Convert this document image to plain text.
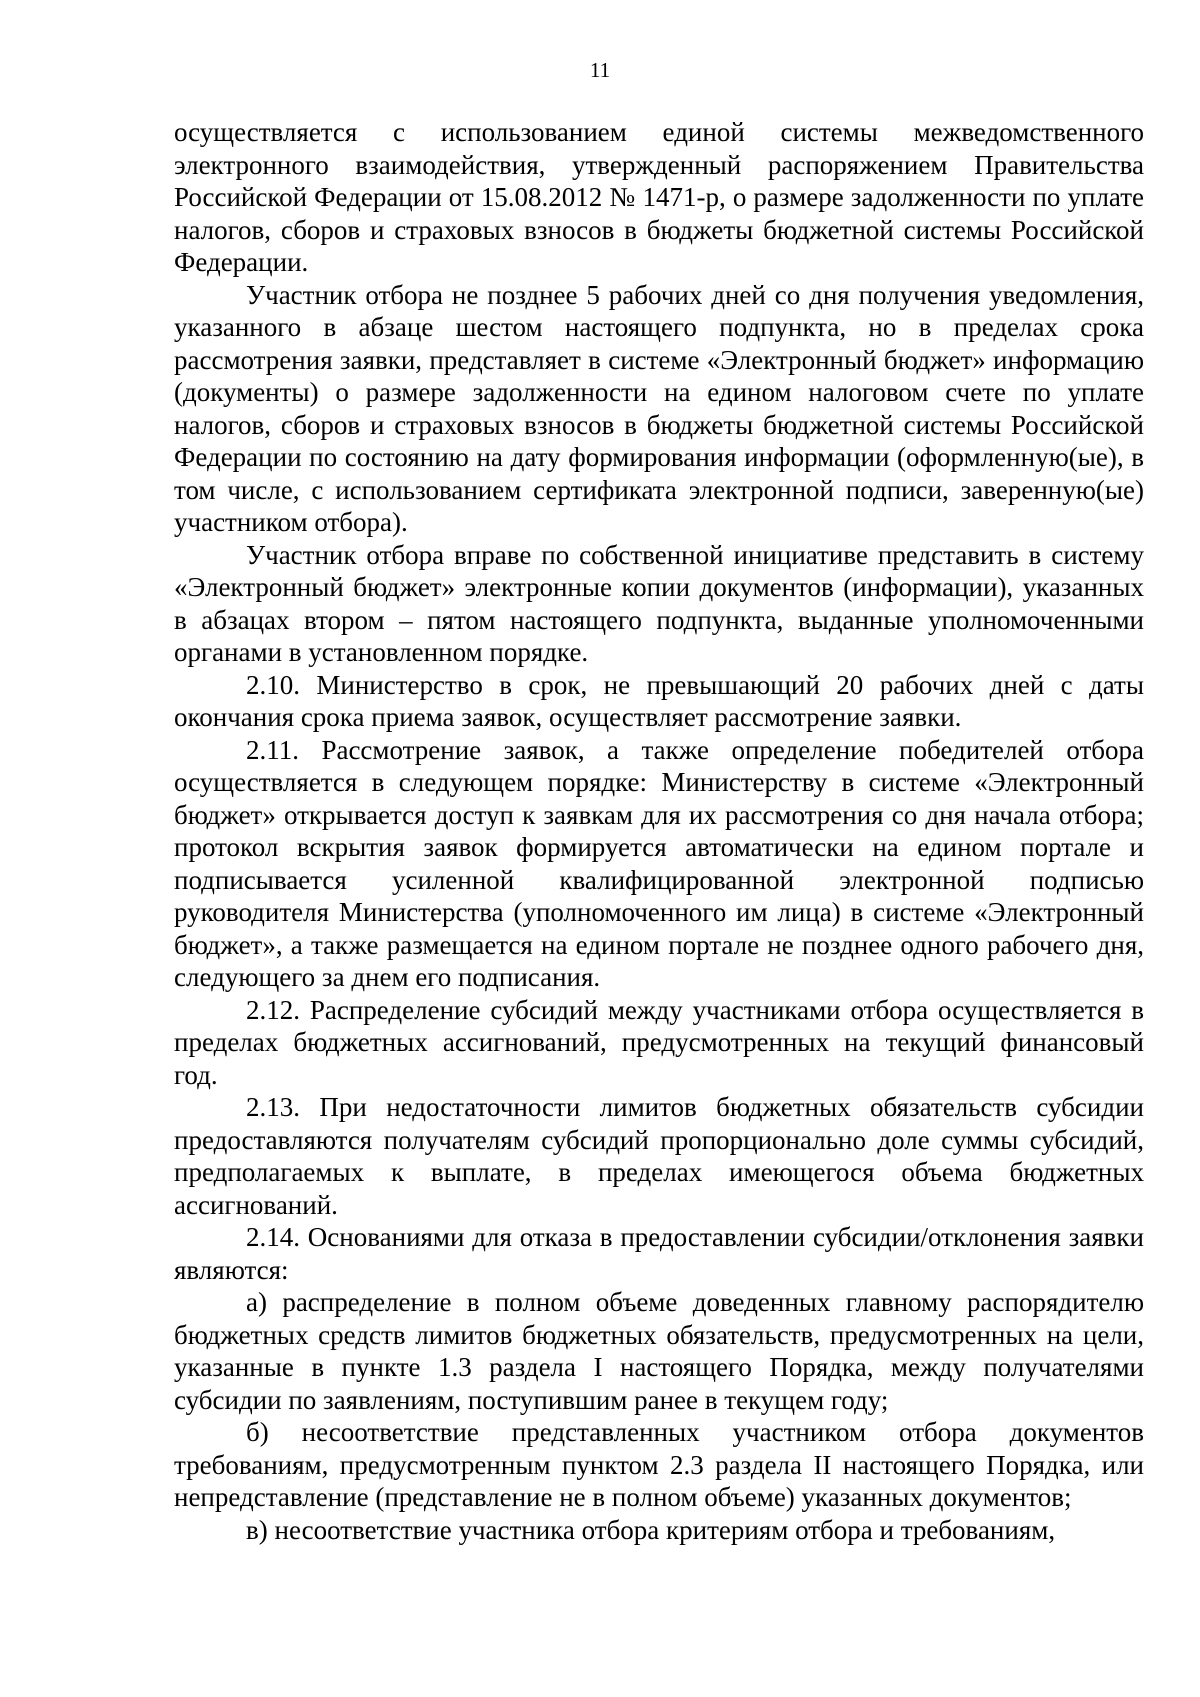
11

осуществляется с использованием единой системы межведомственного электронного взаимодействия, утвержденный распоряжением Правительства Российской Федерации от 15.08.2012 № 1471-р, о размере задолженности по уплате налогов, сборов и страховых взносов в бюджеты бюджетной системы Российской Федерации.

Участник отбора не позднее 5 рабочих дней со дня получения уведомления, указанного в абзаце шестом настоящего подпункта, но в пределах срока рассмотрения заявки, представляет в системе «Электронный бюджет» информацию (документы) о размере задолженности на едином налоговом счете по уплате налогов, сборов и страховых взносов в бюджеты бюджетной системы Российской Федерации по состоянию на дату формирования информации (оформленную(ые), в том числе, с использованием сертификата электронной подписи, заверенную(ые) участником отбора).

Участник отбора вправе по собственной инициативе представить в систему «Электронный бюджет» электронные копии документов (информации), указанных в абзацах втором – пятом настоящего подпункта, выданные уполномоченными органами в установленном порядке.

2.10. Министерство в срок, не превышающий 20 рабочих дней с даты окончания срока приема заявок, осуществляет рассмотрение заявки.

2.11. Рассмотрение заявок, а также определение победителей отбора осуществляется в следующем порядке: Министерству в системе «Электронный бюджет» открывается доступ к заявкам для их рассмотрения со дня начала отбора; протокол вскрытия заявок формируется автоматически на едином портале и подписывается усиленной квалифицированной электронной подписью руководителя Министерства (уполномоченного им лица) в системе «Электронный бюджет», а также размещается на едином портале не позднее одного рабочего дня, следующего за днем его подписания.

2.12. Распределение субсидий между участниками отбора осуществляется в пределах бюджетных ассигнований, предусмотренных на текущий финансовый год.

2.13. При недостаточности лимитов бюджетных обязательств субсидии предоставляются получателям субсидий пропорционально доле суммы субсидий, предполагаемых к выплате, в пределах имеющегося объема бюджетных ассигнований.

2.14. Основаниями для отказа в предоставлении субсидии/отклонения заявки являются:

а) распределение в полном объеме доведенных главному распорядителю бюджетных средств лимитов бюджетных обязательств, предусмотренных на цели, указанные в пункте 1.3 раздела I настоящего Порядка, между получателями субсидии по заявлениям, поступившим ранее в текущем году;

б) несоответствие представленных участником отбора документов требованиям, предусмотренным пунктом 2.3 раздела II настоящего Порядка, или непредставление (представление не в полном объеме) указанных документов;

в) несоответствие участника отбора критериям отбора и требованиям,
